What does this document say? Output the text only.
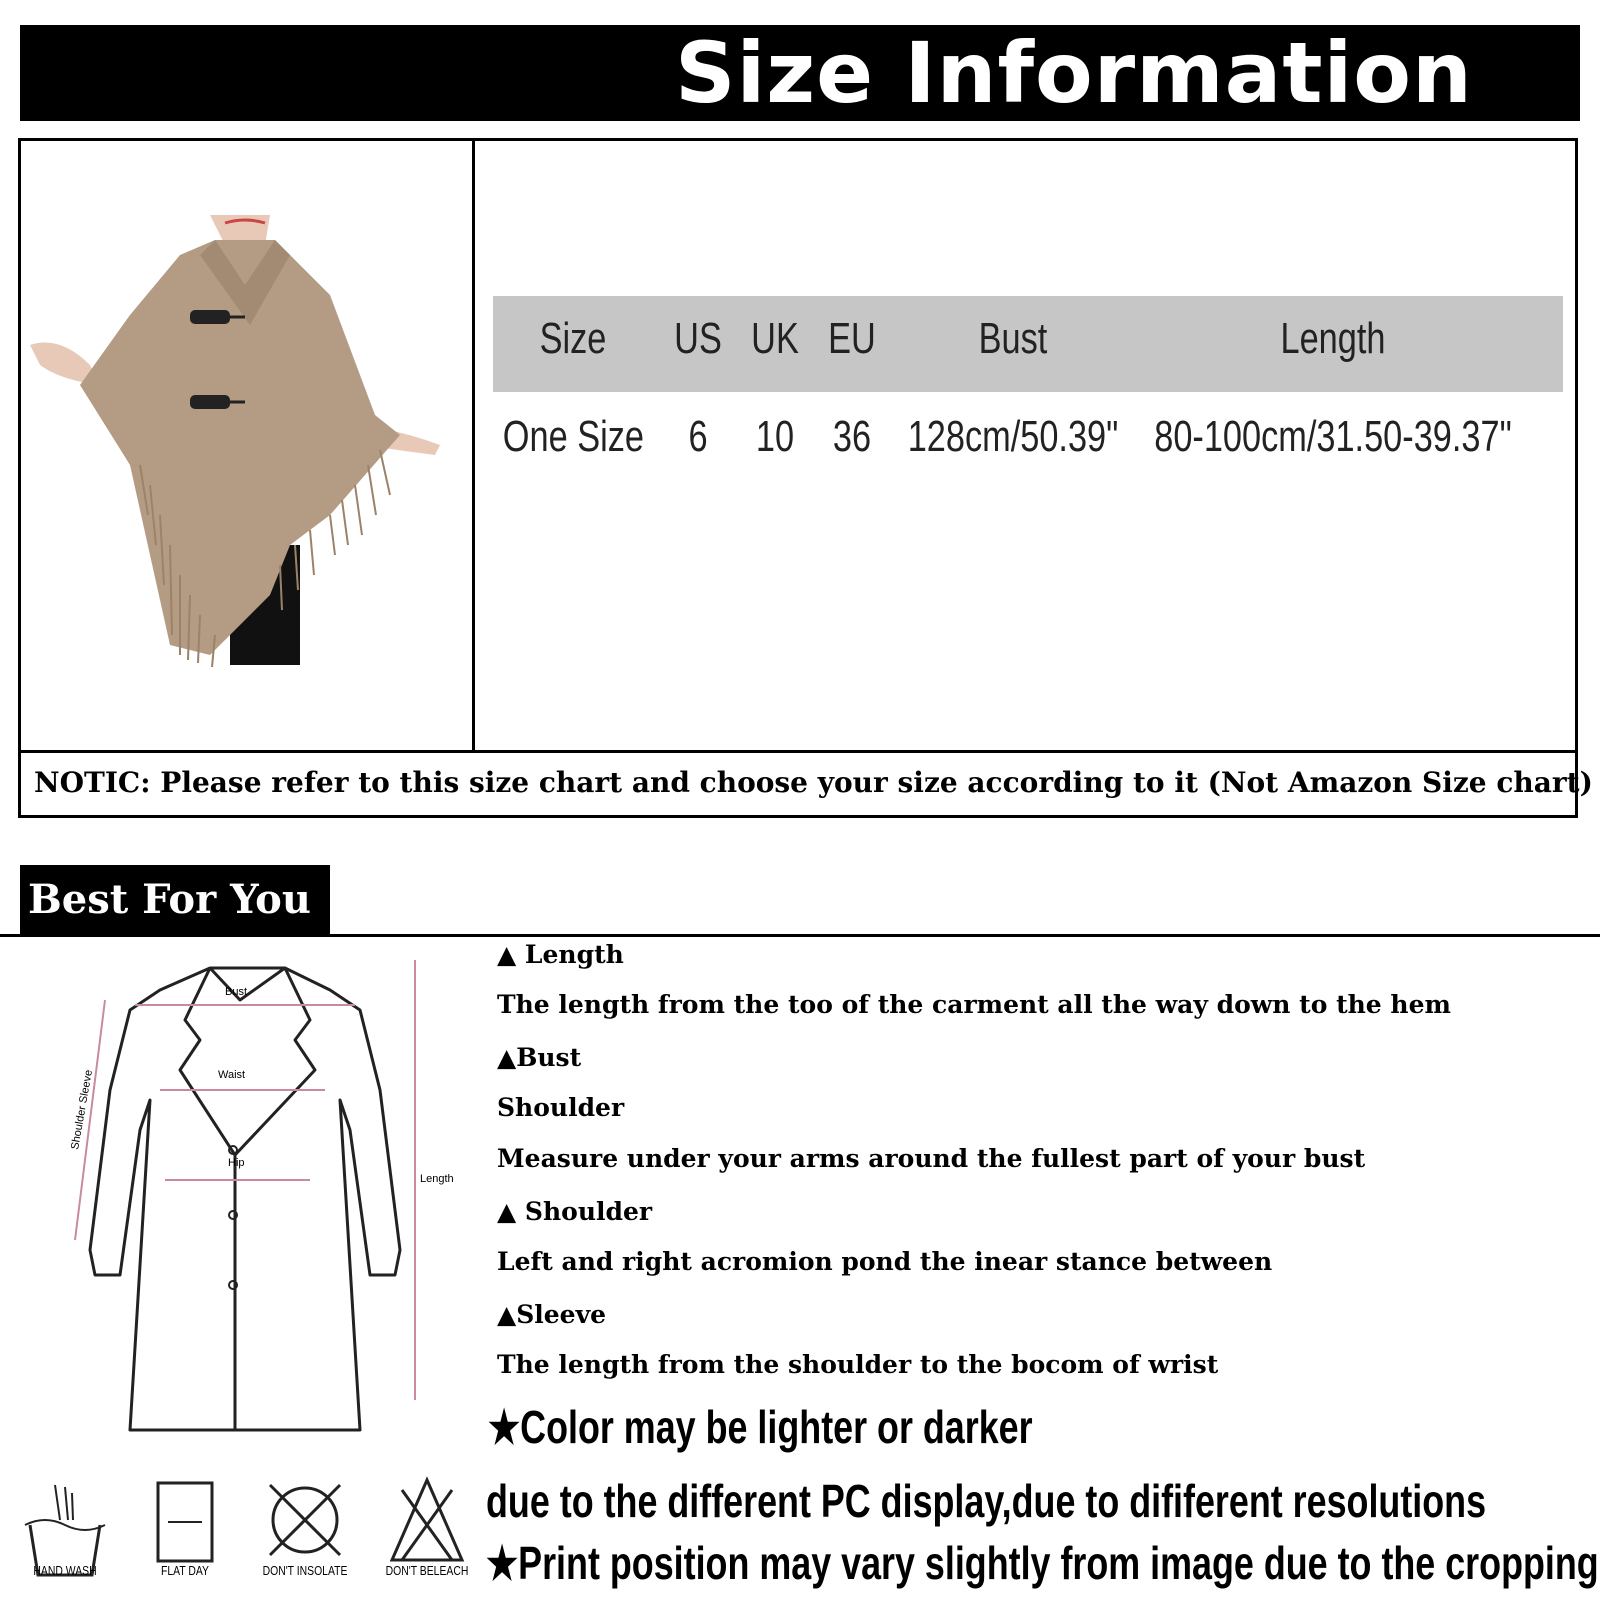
Size Information
Size	US UK EU	Bust	Length
One Size	6	10 36 128cm/50.39" 80-100cm/31.50-39.37"
NOTIC: Please refer to this size chart and choose your size according to it (Not Amazon Size chart)
Best For You
Bust
Waist
Hip
Length
Shoulder Sleeve
▲ Length
The length from the too of the carment all the way down to the hem
▲Bust
Shoulder
Measure under your arms around the fullest part of your bust
▲ Shoulder
Left and right acromion pond the inear stance between
▲Sleeve
The length from the shoulder to the bocom of wrist
★Color may be lighter or darker
due to the different PC display,due to dififerent resolutions
★Print position may vary slightly from image due to the cropping
HAND WASH	FLAT DAY	DON'T INSOLATE	DON'T BELEACH
